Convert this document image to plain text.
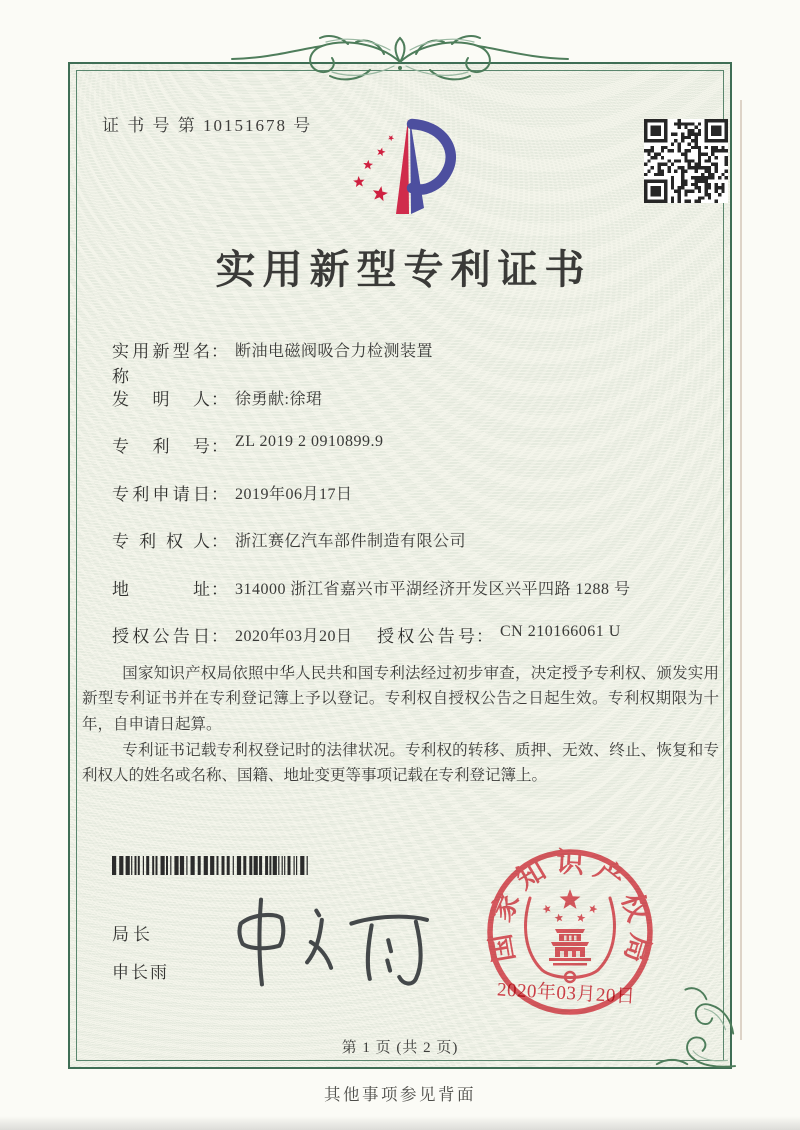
证 书 号 第 10151678 号
实用新型专利证书
实用新型名称
： 断油电磁阀吸合力检测装置
发 明 人 ： 徐勇献:徐珺
专 利 号 ： ZL 2019 2 0910899.9
专利申请日 ： 2019年06月17日
专 利 权 人 ： 浙江赛亿汽车部件制造有限公司
地 址 ： 314000 浙江省嘉兴市平湖经济开发区兴平四路 1288 号
授权公告日 ： 2020年03月20日 授权公告号 ： CN 210166061 U

国家知识产权局依照中华人民共和国专利法经过初步审查，决定授予专利权、颁发实用新型专利证书并在专利登记簿上予以登记。专利权自授权公告之日起生效。专利权期限为十年，自申请日起算。

专利证书记载专利权登记时的法律状况。专利权的转移、质押、无效、终止、恢复和专利权人的姓名或名称、国籍、地址变更等事项记载在专利登记簿上。

局长
申长雨
国家知识产权局
2020年03月20日
第 1 页 (共 2 页)
其他事项参见背面
